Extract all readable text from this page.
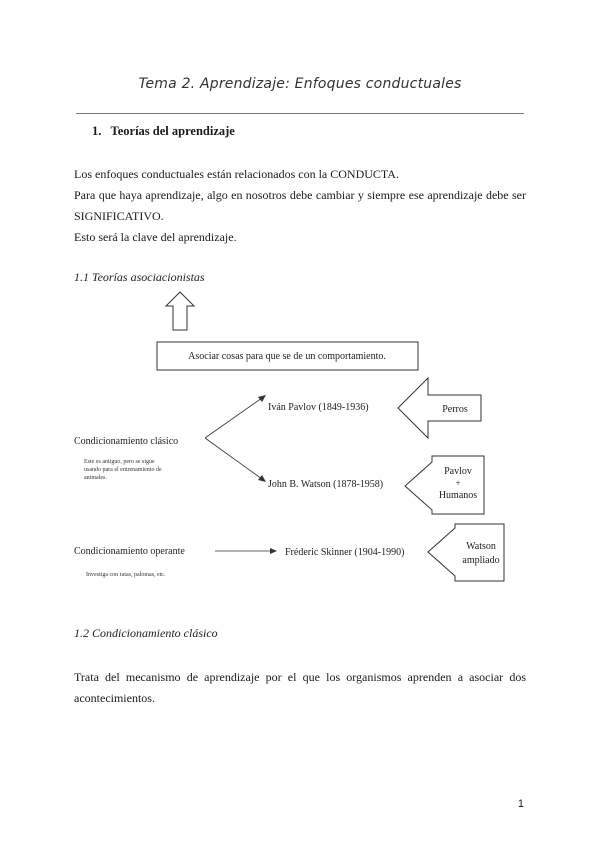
Tema 2. Aprendizaje: Enfoques conductuales
1. Teorías del aprendizaje
Los enfoques conductuales están relacionados con la CONDUCTA.
Para que haya aprendizaje, algo en nosotros debe cambiar y siempre ese aprendizaje debe ser
SIGNIFICATIVO.
Esto será la clave del aprendizaje.
1.1 Teorías asociacionistas
Asociar cosas para que se de un comportamiento.
Iván Pavlov (1849-1936)
John B. Watson (1878-1958)
Condicionamiento clásico
Este es antiguo, pero se sigue
usando para el entrenamiento de
animales.
Condicionamiento operante
Investiga con ratas, palomas, etc.
Fréderic Skinner (1904-1990)
Perros
Pavlov
+
Humanos
Watson
ampliado
1.2 Condicionamiento clásico
Trata del mecanismo de aprendizaje por el que los organismos aprenden a asociar dos
acontecimientos.
1
